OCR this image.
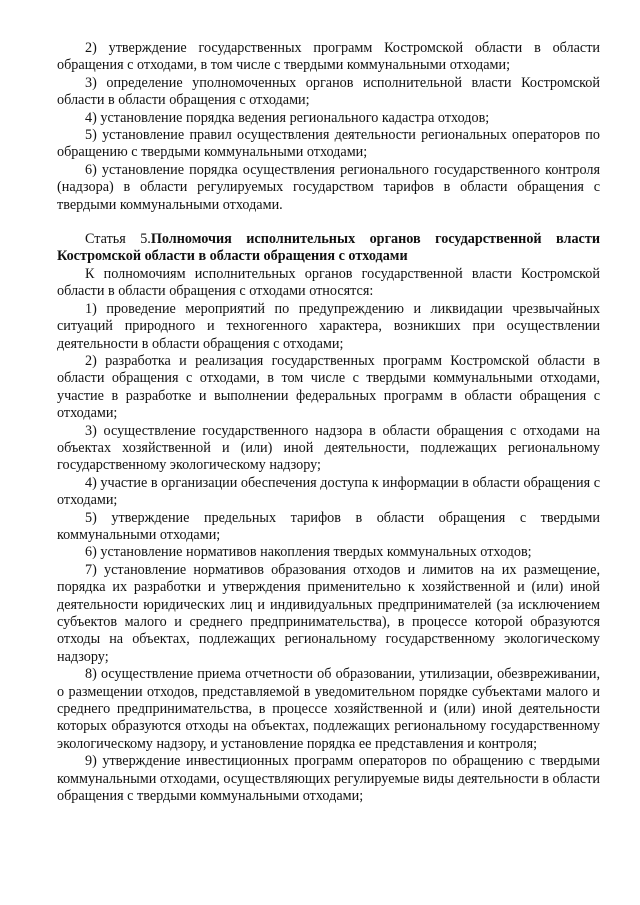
2) утверждение государственных программ Костромской области в области обращения с отходами, в том числе с твердыми коммунальными отходами;

3) определение уполномоченных органов исполнительной власти Костромской области в области обращения с отходами;

4) установление порядка ведения регионального кадастра отходов;

5) установление правил осуществления деятельности региональных операторов по обращению с твердыми коммунальными отходами;

6) установление порядка осуществления регионального государственного контроля (надзора) в области регулируемых государством тарифов в области обращения с твердыми коммунальными отходами.

Статья 5.Полномочия исполнительных органов государственной власти Костромской области в области обращения с отходами

К полномочиям исполнительных органов государственной власти Костромской области в области обращения с отходами относятся:

1) проведение мероприятий по предупреждению и ликвидации чрезвычайных ситуаций природного и техногенного характера, возникших при осуществлении деятельности в области обращения с отходами;

2) разработка и реализация государственных программ Костромской области в области обращения с отходами, в том числе с твердыми коммунальными отходами, участие в разработке и выполнении федеральных программ в области обращения с отходами;

3) осуществление государственного надзора в области обращения с отходами на объектах хозяйственной и (или) иной деятельности, подлежащих региональному государственному экологическому надзору;

4) участие в организации обеспечения доступа к информации в области обращения с отходами;

5) утверждение предельных тарифов в области обращения с твердыми коммунальными отходами;

6) установление нормативов накопления твердых коммунальных отходов;

7) установление нормативов образования отходов и лимитов на их размещение, порядка их разработки и утверждения применительно к хозяйственной и (или) иной деятельности юридических лиц и индивидуальных предпринимателей (за исключением субъектов малого и среднего предпринимательства), в процессе которой образуются отходы на объектах, подлежащих региональному государственному экологическому надзору;

8) осуществление приема отчетности об образовании, утилизации, обезвреживании, о размещении отходов, представляемой в уведомительном порядке субъектами малого и среднего предпринимательства, в процессе хозяйственной и (или) иной деятельности которых образуются отходы на объектах, подлежащих региональному государственному экологическому надзору, и установление порядка ее представления и контроля;

9) утверждение инвестиционных программ операторов по обращению с твердыми коммунальными отходами, осуществляющих регулируемые виды деятельности в области обращения с твердыми коммунальными отходами;
